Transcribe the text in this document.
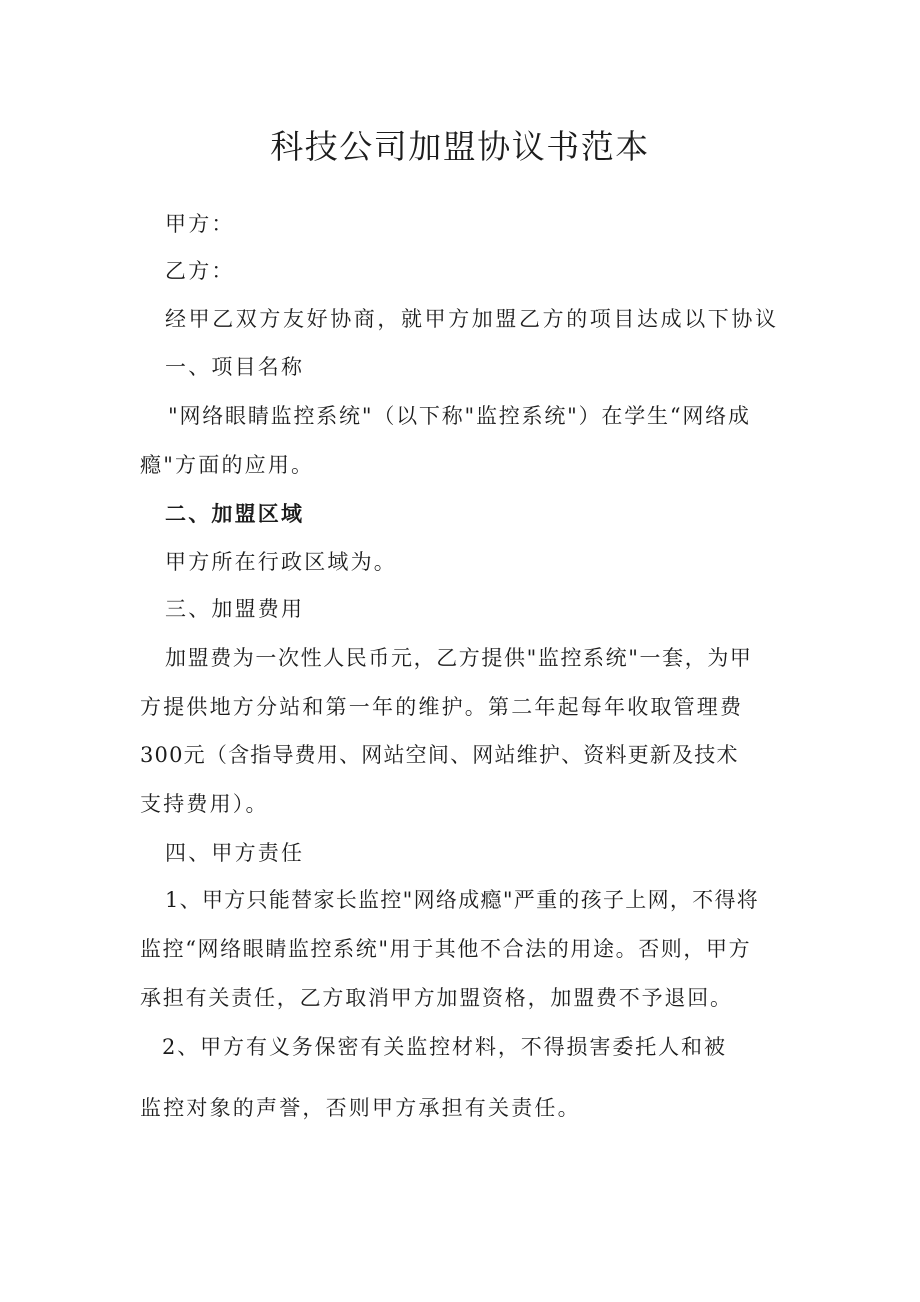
科技公司加盟协议书范本
甲方：
乙方：
经甲乙双方友好协商，就甲方加盟乙方的项目达成以下协议
一、项目名称
"网络眼睛监控系统"（以下称"监控系统"）在学生“网络成
瘾"方面的应用。
二、加盟区域
甲方所在行政区域为。
三、加盟费用
加盟费为一次性人民币元，乙方提供"监控系统"一套，为甲
方提供地方分站和第一年的维护。第二年起每年收取管理费
300元（含指导费用、网站空间、网站维护、资料更新及技术
支持费用）。
四、甲方责任
1、甲方只能替家长监控"网络成瘾"严重的孩子上网，不得将
监控“网络眼睛监控系统"用于其他不合法的用途。否则，甲方
承担有关责任，乙方取消甲方加盟资格，加盟费不予退回。
2、甲方有义务保密有关监控材料，不得损害委托人和被
监控对象的声誉，否则甲方承担有关责任。
